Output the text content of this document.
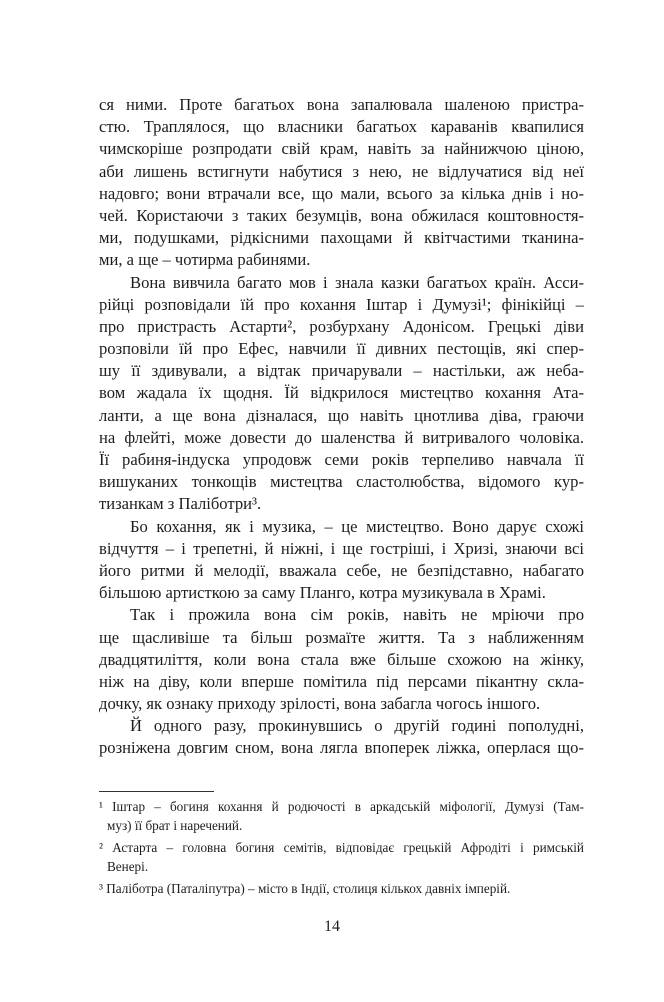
ся ними. Проте багатьох вона запалювала шаленою пристра-
стю. Траплялося, що власники багатьох караванів квапилися
чимскоріше розпродати свій крам, навіть за найнижчою ціною,
аби лишень встигнути набутися з нею, не відлучатися від неї
надовго; вони втрачали все, що мали, всього за кілька днів і но-
чей. Користаючи з таких безумців, вона обжилася коштовностя-
ми, подушками, рідкісними пахощами й квітчастими тканина-
ми, а ще – чотирма рабинями.
Вона вивчила багато мов і знала казки багатьох країн. Асси-
рійці розповідали їй про кохання Іштар і Думузі¹; фінікійці –
про пристрасть Астарти², розбурхану Адонісом. Грецькі діви
розповіли їй про Ефес, навчили її дивних пестощів, які спер-
шу її здивували, а відтак причарували – настільки, аж неба-
вом жадала їх щодня. Їй відкрилося мистецтво кохання Ата-
ланти, а ще вона дізналася, що навіть цнотлива діва, граючи
на флейті, може довести до шаленства й витривалого чоловіка.
Її рабиня-індуска упродовж семи років терпеливо навчала її
вишуканих тонкощів мистецтва сластолюбства, відомого кур-
тизанкам з Паліботри³.
Бо кохання, як і музика, – це мистецтво. Воно дарує схожі
відчуття – і трепетні, й ніжні, і ще гостріші, і Хризі, знаючи всі
його ритми й мелодії, вважала себе, не безпідставно, набагато
більшою артисткою за саму Планго, котра музикувала в Храмі.
Так і прожила вона сім років, навіть не мріючи про
ще щасливіше та більш розмаїте життя. Та з наближенням
двадцятиліття, коли вона стала вже більше схожою на жінку,
ніж на діву, коли вперше помітила під персами пікантну скла-
дочку, як ознаку приходу зрілості, вона забагла чогось іншого.
Й одного разу, прокинувшись о другій годині пополудні,
розніжена довгим сном, вона лягла впоперек ліжка, оперлася що-
¹ Іштар – богиня кохання й родючості в аркадській міфології, Думузі (Там-
муз) її брат і наречений.
² Астарта – головна богиня семітів, відповідає грецькій Афродіті і римській
Венері.
³ Паліботра (Паталіпутра) – місто в Індії, столиця кількох давніх імперій.
14
